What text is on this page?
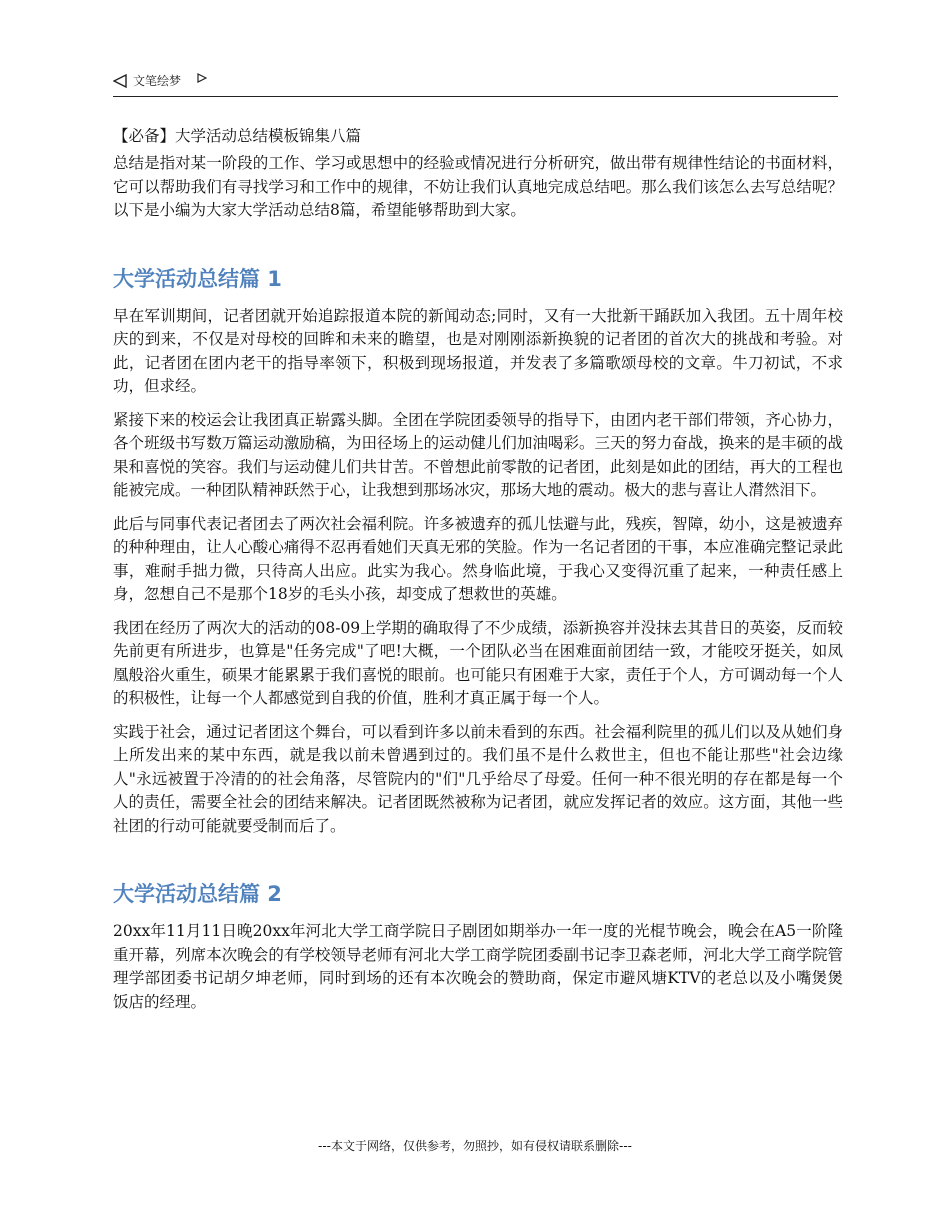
文笔绘梦
【必备】大学活动总结模板锦集八篇

总结是指对某一阶段的工作、学习或思想中的经验或情况进行分析研究，做出带有规律性结论的书面材料，它可以帮助我们有寻找学习和工作中的规律，不妨让我们认真地完成总结吧。那么我们该怎么去写总结呢？以下是小编为大家大学活动总结8篇，希望能够帮助到大家。

大学活动总结篇 1

早在军训期间，记者团就开始追踪报道本院的新闻动态;同时，又有一大批新干踊跃加入我团。五十周年校庆的到来，不仅是对母校的回眸和未来的瞻望，也是对刚刚添新换貌的记者团的首次大的挑战和考验。对此，记者团在团内老干的指导率领下，积极到现场报道，并发表了多篇歌颂母校的文章。牛刀初试，不求功，但求经。

紧接下来的校运会让我团真正崭露头脚。全团在学院团委领导的指导下，由团内老干部们带领，齐心协力，各个班级书写数万篇运动激励稿，为田径场上的运动健儿们加油喝彩。三天的努力奋战，换来的是丰硕的战果和喜悦的笑容。我们与运动健儿们共甘苦。不曾想此前零散的记者团，此刻是如此的团结，再大的工程也能被完成。一种团队精神跃然于心，让我想到那场冰灾，那场大地的震动。极大的悲与喜让人潸然泪下。

此后与同事代表记者团去了两次社会福利院。许多被遗弃的孤儿怯避与此，残疾，智障，幼小，这是被遗弃的种种理由，让人心酸心痛得不忍再看她们天真无邪的笑脸。作为一名记者团的干事，本应准确完整记录此事，难耐手拙力微，只待高人出应。此实为我心。然身临此境，于我心又变得沉重了起来，一种责任感上身，忽想自己不是那个18岁的毛头小孩，却变成了想救世的英雄。

我团在经历了两次大的活动的08-09上学期的确取得了不少成绩，添新换容并没抹去其昔日的英姿，反而较先前更有所进步，也算是"任务完成"了吧!大概，一个团队必当在困难面前团结一致，才能咬牙挺关，如凤凰般浴火重生，硕果才能累累于我们喜悦的眼前。也可能只有困难于大家，责任于个人，方可调动每一个人的积极性，让每一个人都感觉到自我的价值，胜利才真正属于每一个人。

实践于社会，通过记者团这个舞台，可以看到许多以前未看到的东西。社会福利院里的孤儿们以及从她们身上所发出来的某中东西，就是我以前未曾遇到过的。我们虽不是什么救世主，但也不能让那些"社会边缘人"永远被置于冷清的的社会角落，尽管院内的"们"几乎给尽了母爱。任何一种不很光明的存在都是每一个人的责任，需要全社会的团结来解决。记者团既然被称为记者团，就应发挥记者的效应。这方面，其他一些社团的行动可能就要受制而后了。

大学活动总结篇 2

20xx年11月11日晚20xx年河北大学工商学院日子剧团如期举办一年一度的光棍节晚会，晚会在A5一阶隆重开幕，列席本次晚会的有学校领导老师有河北大学工商学院团委副书记李卫森老师，河北大学工商学院管理学部团委书记胡夕坤老师，同时到场的还有本次晚会的赞助商，保定市避风塘KTV的老总以及小嘴煲煲饭店的经理。

---本文于网络，仅供参考，勿照抄，如有侵权请联系删除---
